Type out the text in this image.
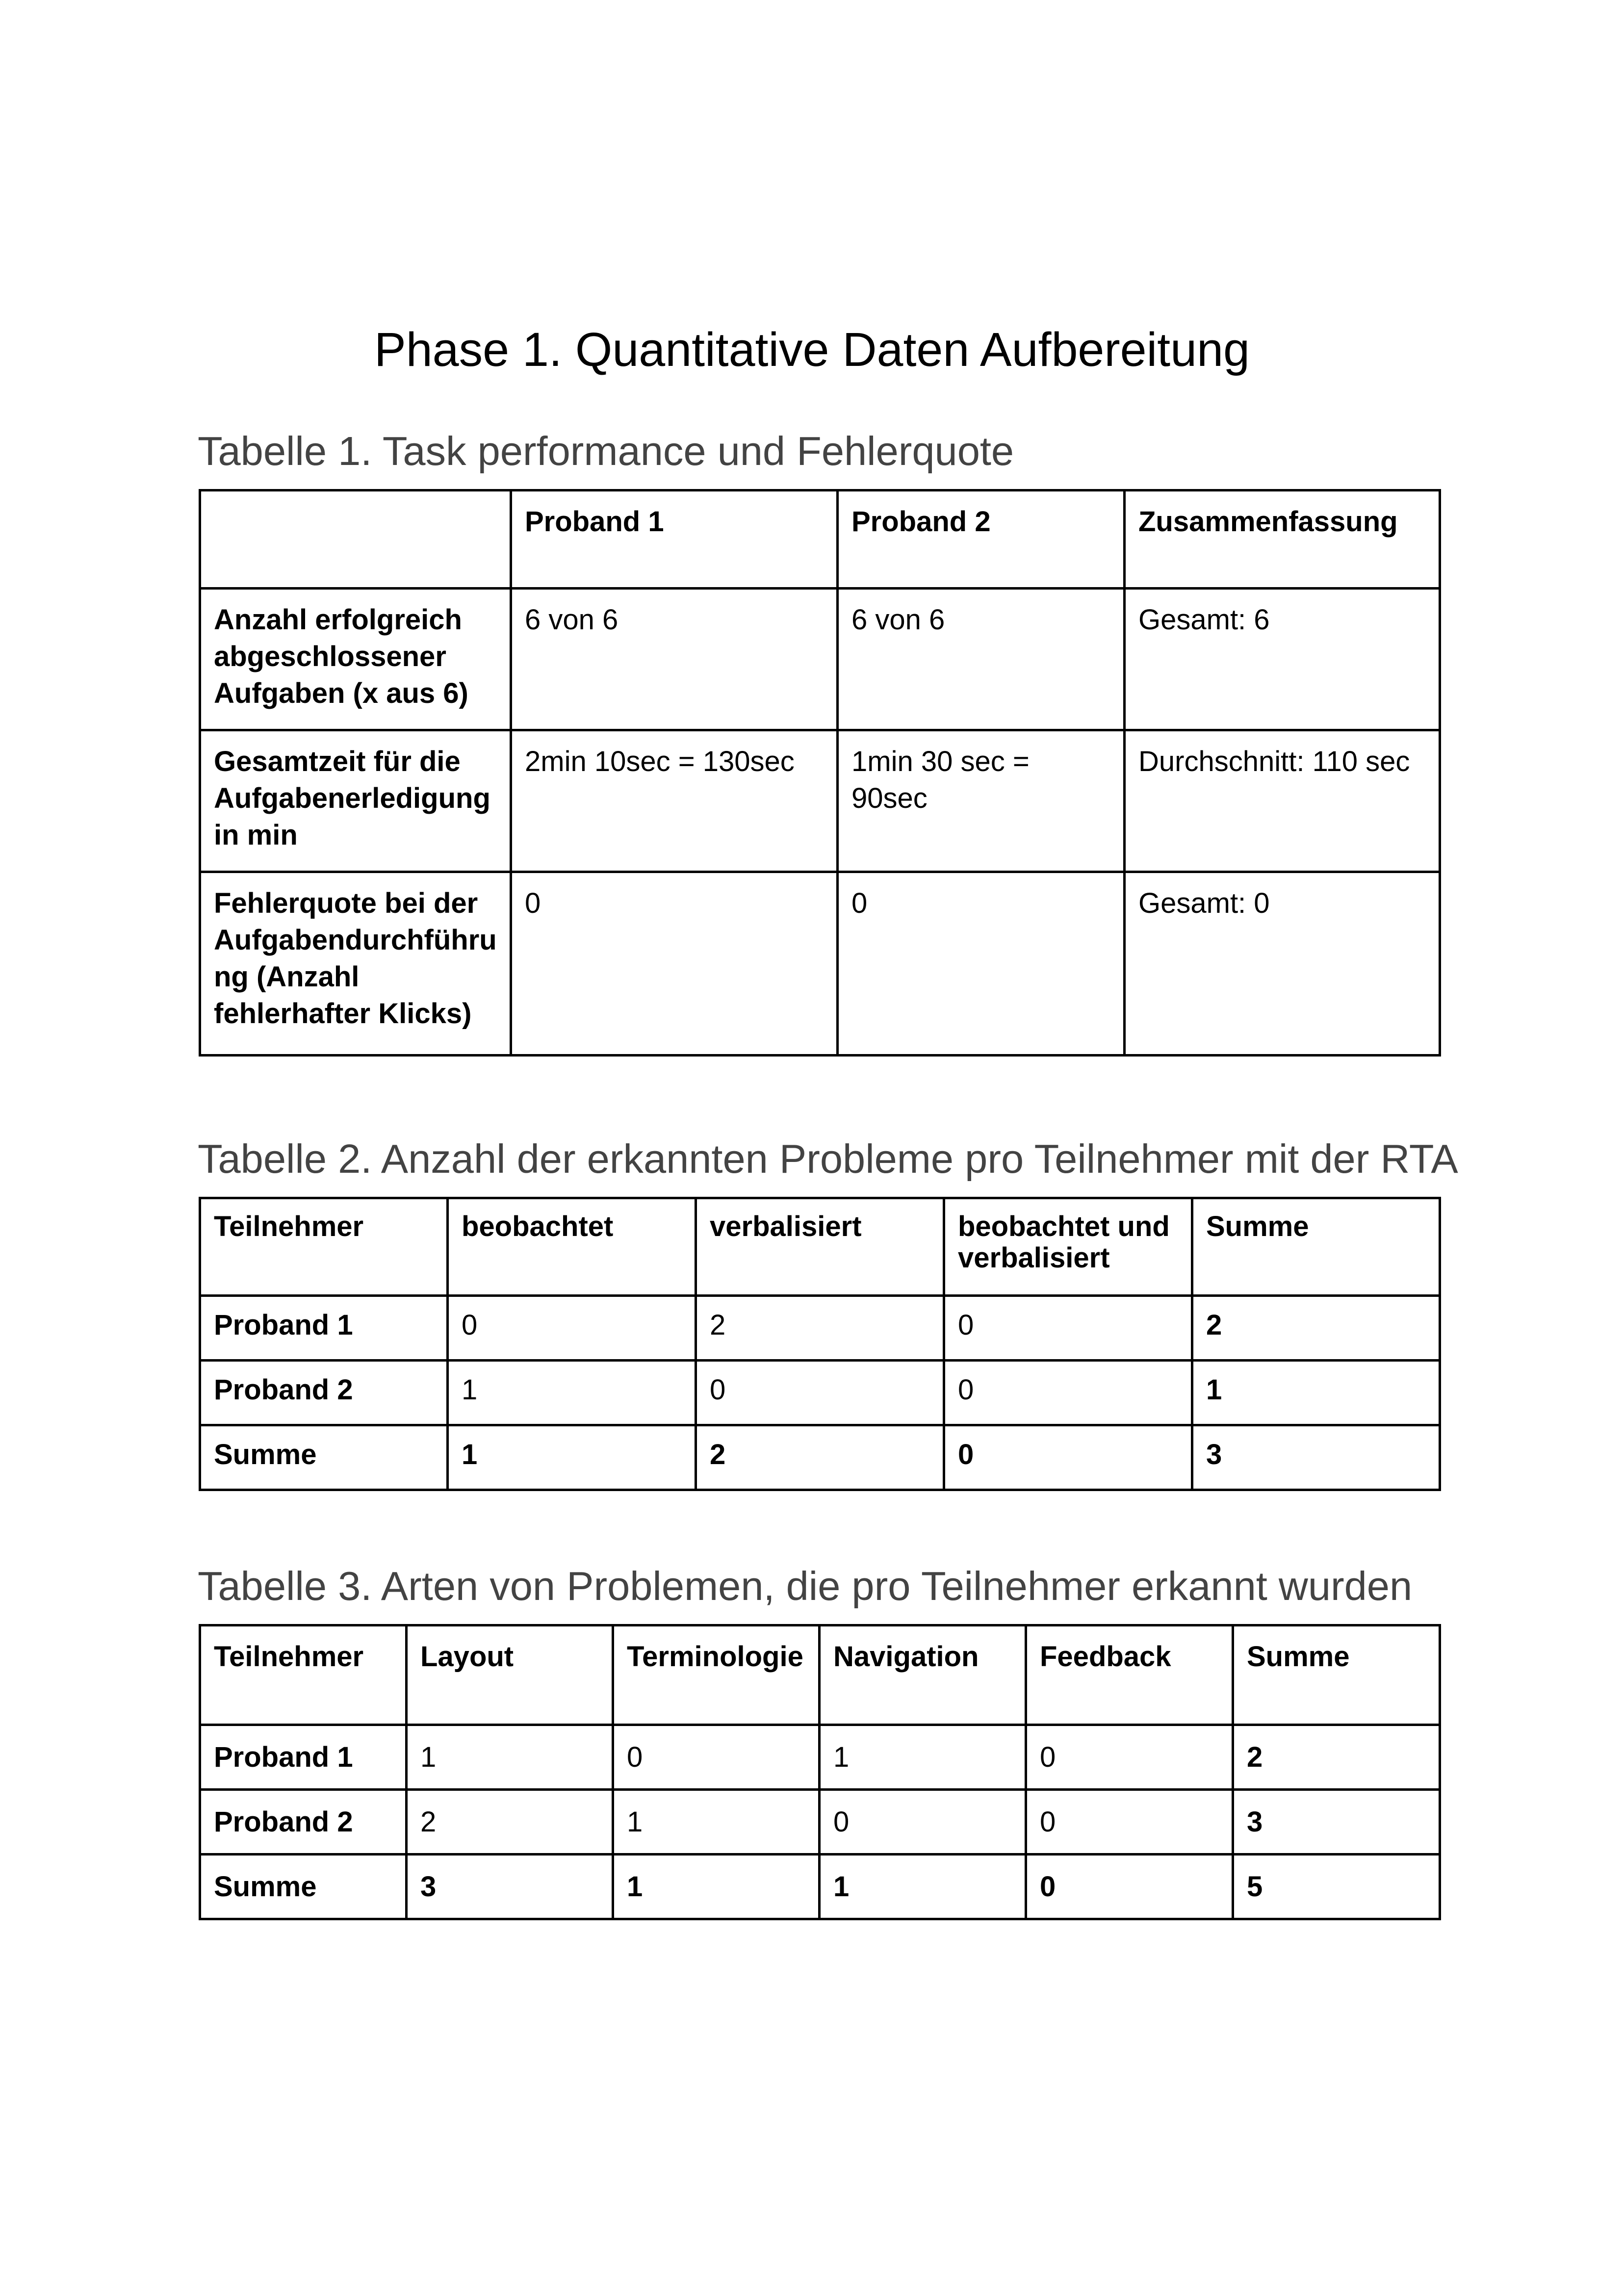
Phase 1. Quantitative Daten Aufbereitung
Tabelle 1. Task performance und Fehlerquote
	Proband 1	Proband 2	Zusammenfassung
Anzahl erfolgreich abgeschlossener Aufgaben (x aus 6)	6 von 6	6 von 6	Gesamt: 6
Gesamtzeit für die Aufgabenerledigung in min	2min 10sec = 130sec	1min 30 sec = 90sec	Durchschnitt: 110 sec
Fehlerquote bei der Aufgabendurchführung (Anzahl fehlerhafter Klicks)	0	0	Gesamt: 0
Tabelle 2. Anzahl der erkannten Probleme pro Teilnehmer mit der RTA
Teilnehmer	beobachtet	verbalisiert	beobachtet und verbalisiert	Summe
Proband 1	0	2	0	2
Proband 2	1	0	0	1
Summe	1	2	0	3
Tabelle 3. Arten von Problemen, die pro Teilnehmer erkannt wurden
Teilnehmer	Layout	Terminologie	Navigation	Feedback	Summe
Proband 1	1	0	1	0	2
Proband 2	2	1	0	0	3
Summe	3	1	1	0	5
